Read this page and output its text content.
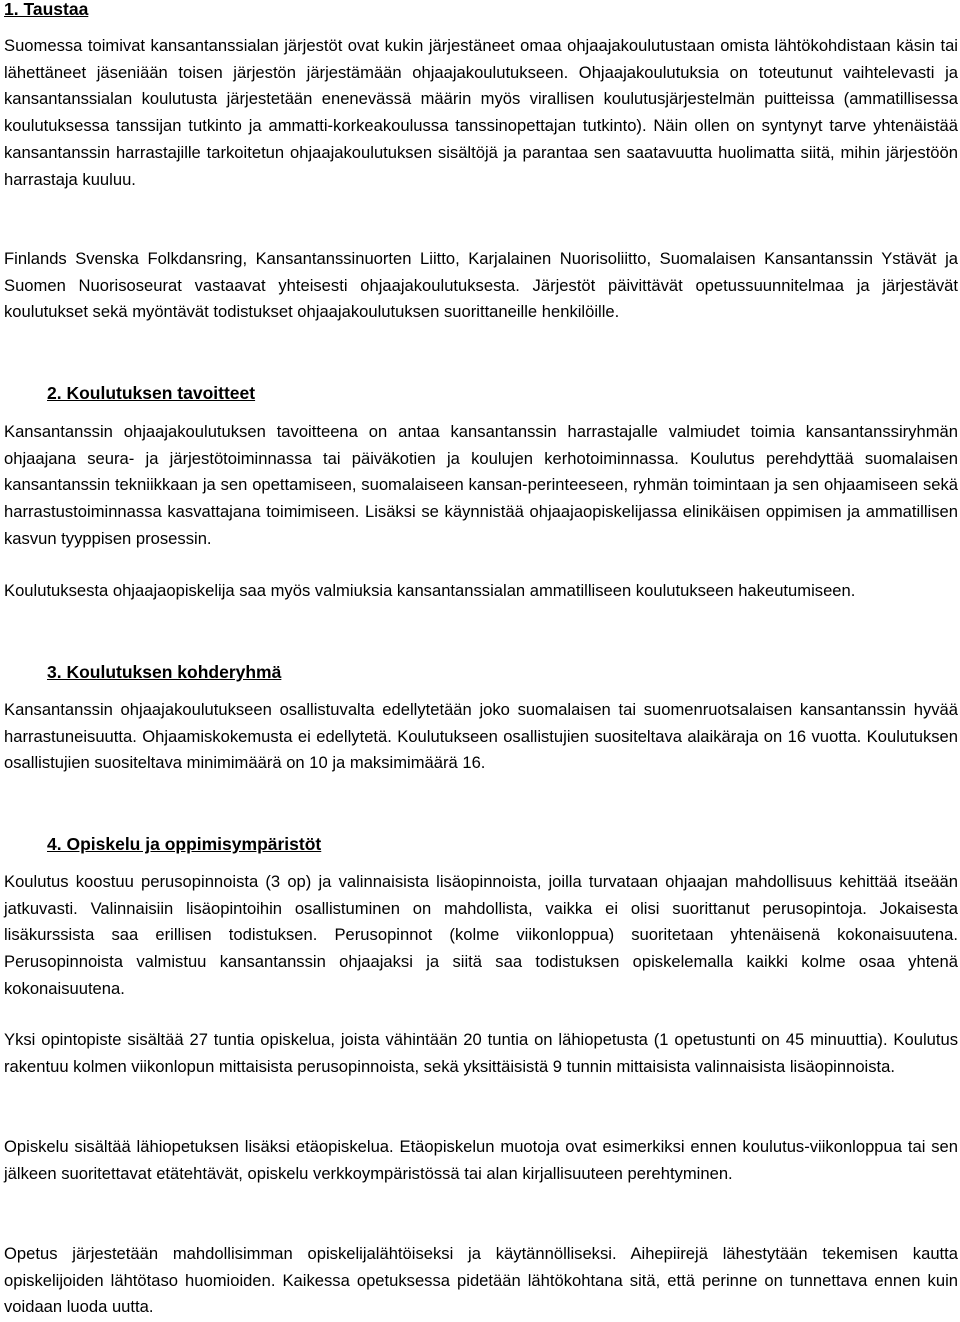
1. Taustaa

Suomessa toimivat kansantanssialan järjestöt ovat kukin järjestäneet omaa ohjaajakoulutustaan omista lähtökohdistaan käsin tai lähettäneet jäseniään toisen järjestön järjestämään ohjaajakoulutukseen. Ohjaajakoulutuksia on toteutunut vaihtelevasti ja kansantanssialan koulutusta järjestetään enenevässä määrin myös virallisen koulutusjärjestelmän puitteissa (ammatillisessa koulutuksessa tanssijan tutkinto ja ammatti-korkeakoulussa tanssinopettajan tutkinto). Näin ollen on syntynyt tarve yhtenäistää kansantanssin harrastajille tarkoitetun ohjaajakoulutuksen sisältöjä ja parantaa sen saatavuutta huolimatta siitä, mihin järjestöön harrastaja kuuluu.

Finlands Svenska Folkdansring, Kansantanssinuorten Liitto, Karjalainen Nuorisoliitto, Suomalaisen Kansantanssin Ystävät ja Suomen Nuorisoseurat vastaavat yhteisesti ohjaajakoulutuksesta. Järjestöt päivittävät opetussuunnitelmaa ja järjestävät koulutukset sekä myöntävät todistukset ohjaajakoulutuksen suorittaneille henkilöille.

2. Koulutuksen tavoitteet

Kansantanssin ohjaajakoulutuksen tavoitteena on antaa kansantanssin harrastajalle valmiudet toimia kansantanssiryhmän ohjaajana seura- ja järjestötoiminnassa tai päiväkotien ja koulujen kerhotoiminnassa. Koulutus perehdyttää suomalaisen kansantanssin tekniikkaan ja sen opettamiseen, suomalaiseen kansan-perinteeseen, ryhmän toimintaan ja sen ohjaamiseen sekä harrastustoiminnassa kasvattajana toimimiseen. Lisäksi se käynnistää ohjaajaopiskelijassa elinikäisen oppimisen ja ammatillisen kasvun tyyppisen prosessin.

Koulutuksesta ohjaajaopiskelija saa myös valmiuksia kansantanssialan ammatilliseen koulutukseen hakeutumiseen.

3. Koulutuksen kohderyhmä

Kansantanssin ohjaajakoulutukseen osallistuvalta edellytetään joko suomalaisen tai suomenruotsalaisen kansantanssin hyvää harrastuneisuutta. Ohjaamiskokemusta ei edellytetä. Koulutukseen osallistujien suositeltava alaikäraja on 16 vuotta. Koulutuksen osallistujien suositeltava minimimäärä on 10 ja maksimimäärä 16.

4. Opiskelu ja oppimisympäristöt

Koulutus koostuu perusopinnoista (3 op) ja valinnaisista lisäopinnoista, joilla turvataan ohjaajan mahdollisuus kehittää itseään jatkuvasti. Valinnaisiin lisäopintoihin osallistuminen on mahdollista, vaikka ei olisi suorittanut perusopintoja. Jokaisesta lisäkurssista saa erillisen todistuksen. Perusopinnot (kolme viikonloppua) suoritetaan yhtenäisenä kokonaisuutena. Perusopinnoista valmistuu kansantanssin ohjaajaksi ja siitä saa todistuksen opiskelemalla kaikki kolme osaa yhtenä kokonaisuutena.

Yksi opintopiste sisältää 27 tuntia opiskelua, joista vähintään 20 tuntia on lähiopetusta (1 opetustunti on 45 minuuttia). Koulutus rakentuu kolmen viikonlopun mittaisista perusopinnoista, sekä yksittäisistä 9 tunnin mittaisista valinnaisista lisäopinnoista.

Opiskelu sisältää lähiopetuksen lisäksi etäopiskelua. Etäopiskelun muotoja ovat esimerkiksi ennen koulutus-viikonloppua tai sen jälkeen suoritettavat etätehtävät, opiskelu verkkoympäristössä tai alan kirjallisuuteen perehtyminen.

Opetus järjestetään mahdollisimman opiskelijalähtöiseksi ja käytännölliseksi. Aihepiirejä lähestytään tekemisen kautta opiskelijoiden lähtötaso huomioiden. Kaikessa opetuksessa pidetään lähtökohtana sitä, että perinne on tunnettava ennen kuin voidaan luoda uutta.
